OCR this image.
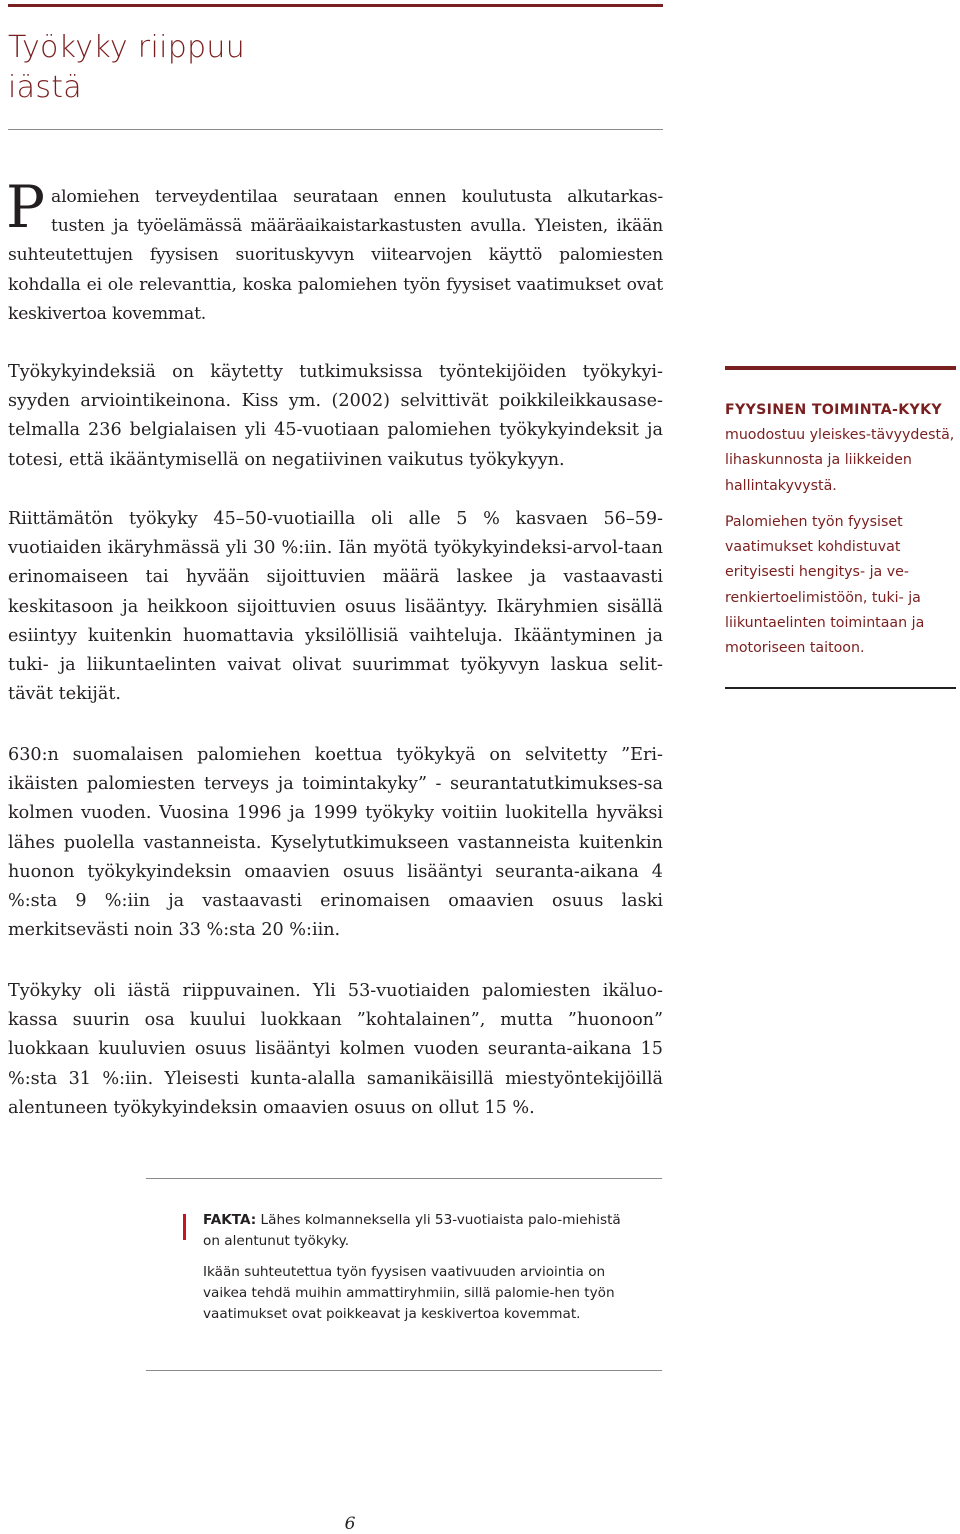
Työkyky riippuu
iästä

Palomiehen terveydentilaa seurataan ennen koulutusta alkutarkas-tusten ja työelämässä määräaikaistarkastusten avulla. Yleisten, ikään suhteutettujen fyysisen suorituskyvyn viitearvojen käyttö palomiesten kohdalla ei ole relevanttia, koska palomiehen työn fyysiset vaatimukset ovat keskivertoa kovemmat.

Työkykyindeksiä on käytetty tutkimuksissa työntekijöiden työkykyi-syyden arviointikeinona. Kiss ym. (2002) selvittivät poikkileikkausase-telmalla 236 belgialaisen yli 45-vuotiaan palomiehen työkykyindeksit ja totesi, että ikääntymisellä on negatiivinen vaikutus työkykyyn.

Riittämätön työkyky 45–50-vuotiailla oli alle 5 % kasvaen 56–59-vuotiaiden ikäryhmässä yli 30 %:iin. Iän myötä työkykyindeksi-arvol-taan erinomaiseen tai hyvään sijoittuvien määrä laskee ja vastaavasti keskitasoon ja heikkoon sijoittuvien osuus lisääntyy. Ikäryhmien sisällä esiintyy kuitenkin huomattavia yksilöllisiä vaihteluja. Ikääntyminen ja tuki- ja liikuntaelinten vaivat olivat suurimmat työkyvyn laskua selit-tävät tekijät.

630:n suomalaisen palomiehen koettua työkykyä on selvitetty ”Eri-ikäisten palomiesten terveys ja toimintakyky” - seurantatutkimukses-sa kolmen vuoden. Vuosina 1996 ja 1999 työkyky voitiin luokitella hyväksi lähes puolella vastanneista. Kyselytutkimukseen vastanneista kuitenkin huonon työkykyindeksin omaavien osuus lisääntyi seuranta-aikana 4 %:sta 9 %:iin ja vastaavasti erinomaisen omaavien osuus laski merkitsevästi noin 33 %:sta 20 %:iin.

Työkyky oli iästä riippuvainen. Yli 53-vuotiaiden palomiesten ikäluo-kassa suurin osa kuului luokkaan ”kohtalainen”, mutta ”huonoon” luokkaan kuuluvien osuus lisääntyi kolmen vuoden seuranta-aikana 15 %:sta 31 %:iin. Yleisesti kunta-alalla samanikäisillä miestyöntekijöillä alentuneen työkykyindeksin omaavien osuus on ollut 15 %.

FYYSINEN TOIMINTA-KYKY muodostuu yleiskes-tävyydestä, lihaskunnosta ja liikkeiden hallintakyvystä.

Palomiehen työn fyysiset vaatimukset kohdistuvat erityisesti hengitys- ja ve-renkiertoelimistöön, tuki- ja liikuntaelinten toimintaan ja motoriseen taitoon.

FAKTA: Lähes kolmanneksella yli 53-vuotiaista palo-miehistä on alentunut työkyky.

Ikään suhteutettua työn fyysisen vaativuuden arviointia on vaikea tehdä muihin ammattiryhmiin, sillä palomie-hen työn vaatimukset ovat poikkeavat ja keskivertoa kovemmat.

6
